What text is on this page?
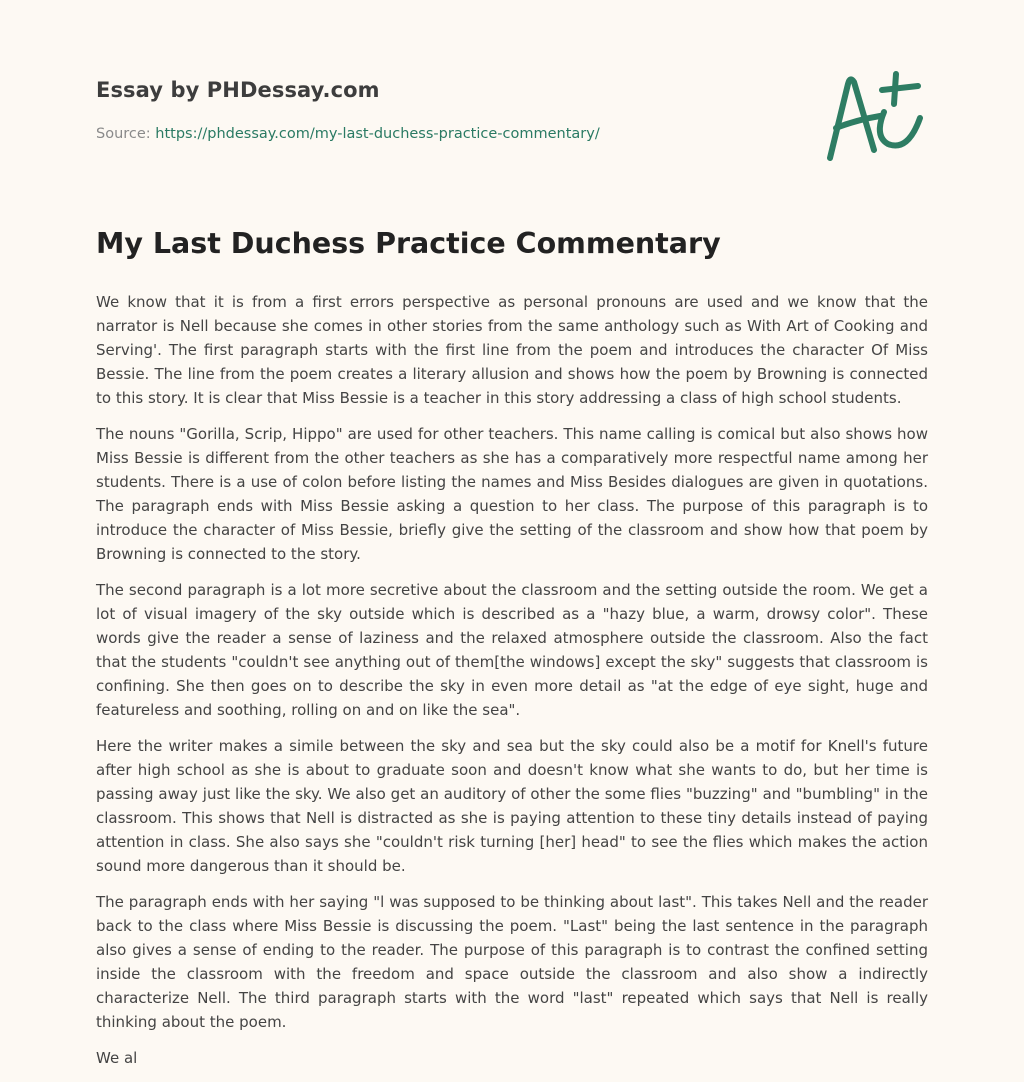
Essay by PHDessay.com

Source: https://phdessay.com/my-last-duchess-practice-commentary/
My Last Duchess Practice Commentary

We know that it is from a first errors perspective as personal pronouns are used and we know that the narrator is Nell because she comes in other stories from the same anthology such as With Art of Cooking and Serving'. The first paragraph starts with the first line from the poem and introduces the character Of Miss Bessie. The line from the poem creates a literary allusion and shows how the poem by Browning is connected to this story. It is clear that Miss Bessie is a teacher in this story addressing a class of high school students.

The nouns "Gorilla, Scrip, Hippo" are used for other teachers. This name calling is comical but also shows how Miss Bessie is different from the other teachers as she has a comparatively more respectful name among her students. There is a use of colon before listing the names and Miss Besides dialogues are given in quotations. The paragraph ends with Miss Bessie asking a question to her class. The purpose of this paragraph is to introduce the character of Miss Bessie, briefly give the setting of the classroom and show how that poem by Browning is connected to the story.

The second paragraph is a lot more secretive about the classroom and the setting outside the room. We get a lot of visual imagery of the sky outside which is described as a "hazy blue, a warm, drowsy color". These words give the reader a sense of laziness and the relaxed atmosphere outside the classroom. Also the fact that the students "couldn't see anything out of them[the windows] except the sky" suggests that classroom is confining. She then goes on to describe the sky in even more detail as "at the edge of eye sight, huge and featureless and soothing, rolling on and on like the sea".

Here the writer makes a simile between the sky and sea but the sky could also be a motif for Knell's future after high school as she is about to graduate soon and doesn't know what she wants to do, but her time is passing away just like the sky. We also get an auditory of other the some flies "buzzing" and "bumbling" in the classroom. This shows that Nell is distracted as she is paying attention to these tiny details instead of paying attention in class. She also says she "couldn't risk turning [her] head" to see the flies which makes the action sound more dangerous than it should be.

The paragraph ends with her saying "l was supposed to be thinking about last". This takes Nell and the reader back to the class where Miss Bessie is discussing the poem. "Last" being the last sentence in the paragraph also gives a sense of ending to the reader. The purpose of this paragraph is to contrast the confined setting inside the classroom with the freedom and space outside the classroom and also show a indirectly characterize Nell. The third paragraph starts with the word "last" repeated which says that Nell is really thinking about the poem.

We al
